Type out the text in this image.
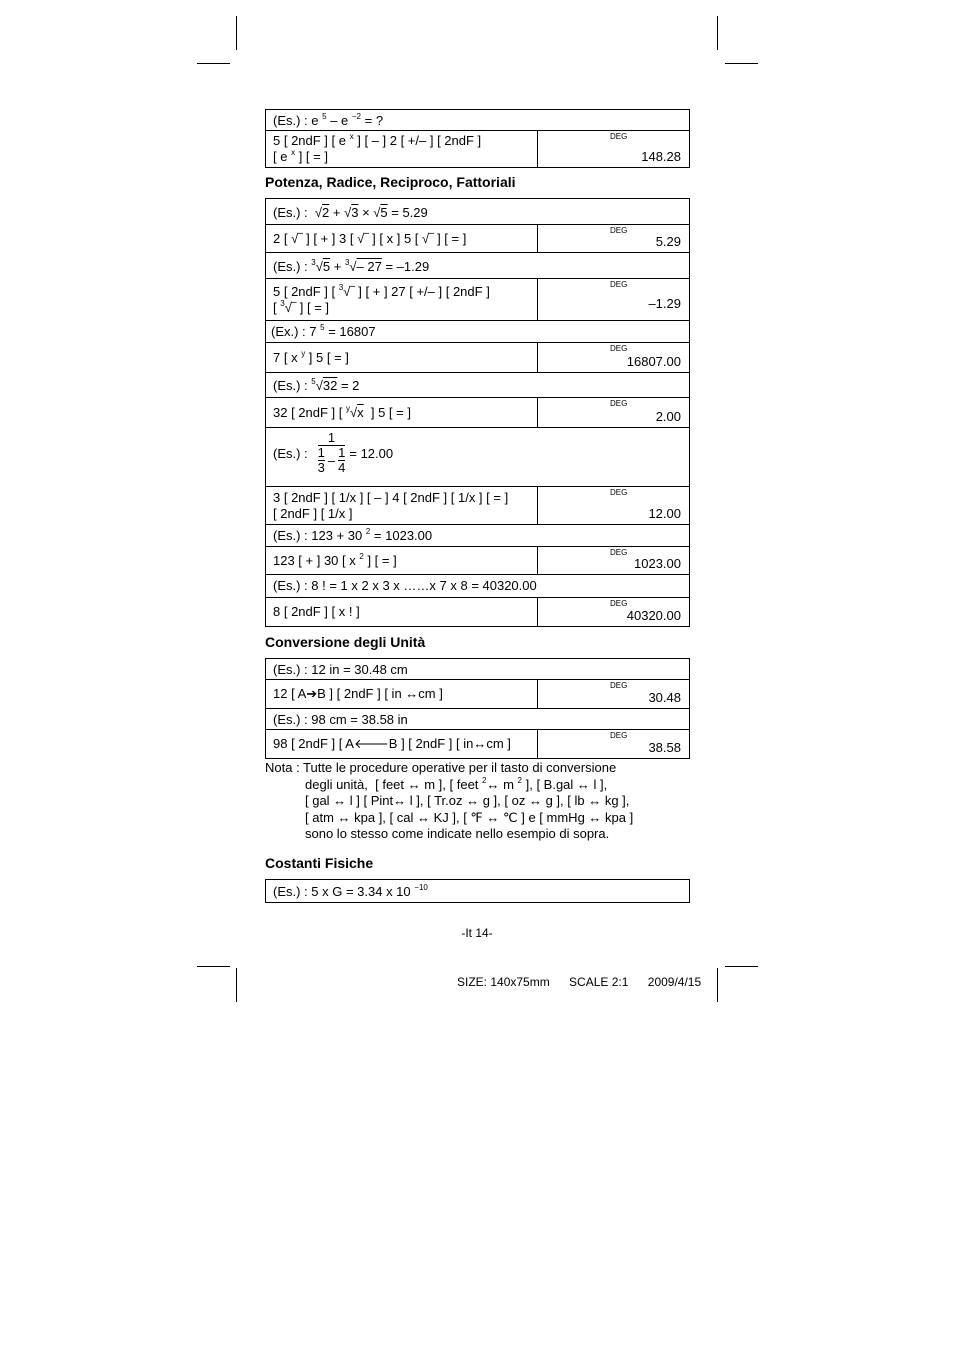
(Es.) : e $^5$ – e $^{-2}$ = ?
5 [ 2ndF ] [ e $^x$ ] [ – ] 2 [ +/– ] [ 2ndF ]
[ e $^x$ ] [ = ]
DEG
148.28
Potenza, Radice, Reciproco, Fattoriali
(Es.) :  √2 + √3 × √5 = 5.29
2 [ √‾ ] [ + ] 3 [ √‾ ] [ x ] 5 [ √‾ ] [ = ]	DEG
5.29
(Es.) : $^3$√5 + $^3$√– 27 = –1.29
5 [ 2ndF ] [ $^3$√‾ ] [ + ] 27 [ +/– ] [ 2ndF ]
[ $^3$√‾ ] [ = ]
DEG
–1.29
(Ex.) : 7 $^5$ = 16807
7 [ x $^y$ ] 5 [ = ]
DEG
16807.00
(Es.) : $^5$√32 = 2
32 [ 2ndF ] [ $^y$√x  ] 5 [ = ]
DEG
2.00
(Es.) : 1
1
3 – 1
4 = 12.00
3 [ 2ndF ] [ 1/x ] [ – ] 4 [ 2ndF ] [ 1/x ] [ = ]
[ 2ndF ] [ 1/x ]
DEG
12.00
(Es.) : 123 + 30 $^2$ = 1023.00
123 [ + ] 30 [ x $^2$ ] [ = ]	DEG
1023.00
(Es.) : 8 ! = 1 x 2 x 3 x ……x 7 x 8 = 40320.00
8 [ 2ndF ] [ x ! ]
DEG
40320.00
Conversione degli Unità
(Es.) : 12 in = 30.48 cm
12 [ A➔B ] [ 2ndF ] [ in ↔cm ]
DEG
30.48
(Es.) : 98 cm = 38.58 in
98 [ 2ndF ] [ A🡐B ] [ 2ndF ] [ in↔cm ]
DEG
38.58
Nota : Tutte le procedure operative per il tasto di conversione
degli unità,  [ feet ↔ m ], [ feet $^2$↔ m $^2$ ], [ B.gal ↔ l ],
[ gal ↔ l ] [ Pint↔ l ], [ Tr.oz ↔ g ], [ oz ↔ g ], [ lb ↔ kg ],
[ atm ↔ kpa ], [ cal ↔ KJ ], [ ℉ ↔ ℃ ] e [ mmHg ↔ kpa ]
sono lo stesso come indicate nello esempio di sopra.
Costanti Fisiche
(Es.) : 5 x G = 3.34 x 10 $^{-10}$
-It 14-
SIZE: 140x75mm SCALE 2:1 2009/4/15
